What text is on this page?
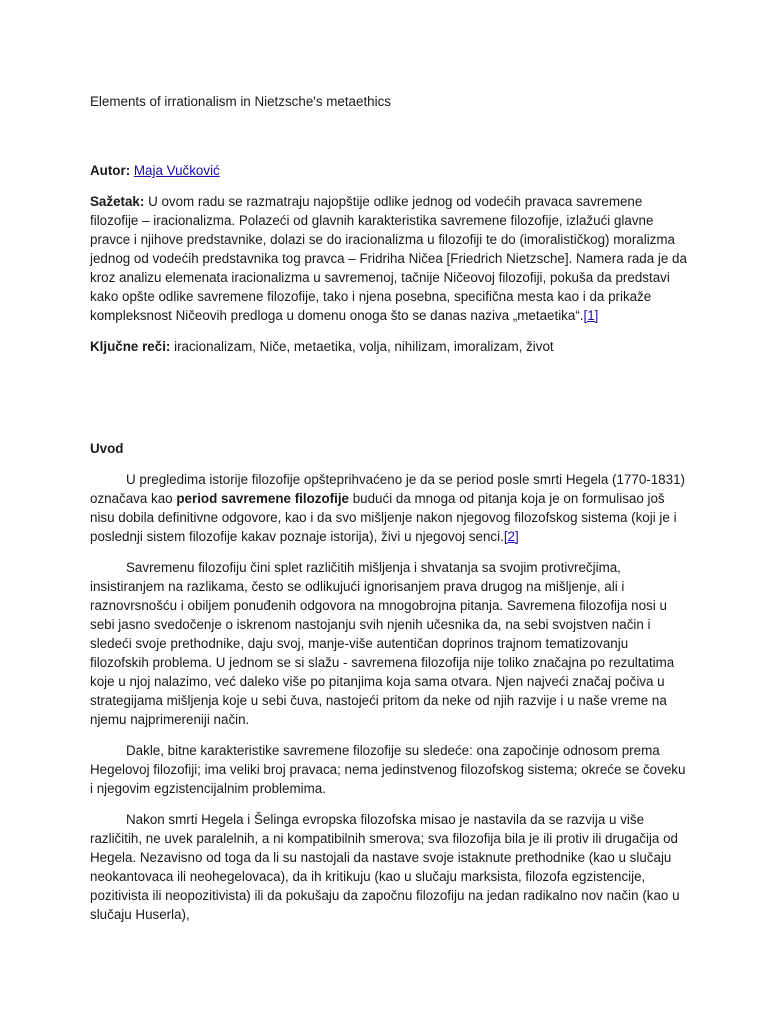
Elements of irrationalism in Nietzsche's metaethics

Autor: Maja Vučković

Sažetak: U ovom radu se razmatraju najopštije odlike jednog od vodećih pravaca savremene filozofije – iracionalizma. Polazeći od glavnih karakteristika savremene filozofije, izlažući glavne pravce i njihove predstavnike, dolazi se do iracionalizma u filozofiji te do (imoralističkog) moralizma jednog od vodećih predstavnika tog pravca – Fridriha Ničea [Friedrich Nietzsche]. Namera rada je da kroz analizu elemenata iracionalizma u savremenoj, tačnije Ničeovoj filozofiji, pokuša da predstavi kako opšte odlike savremene filozofije, tako i njena posebna, specifična mesta kao i da prikaže kompleksnost Ničeovih predloga u domenu onoga što se danas naziva „metaetika“.[1]

Ključne reči: iracionalizam, Niče, metaetika, volja, nihilizam, imoralizam, život

Uvod

U pregledima istorije filozofije opšteprihvaćeno je da se period posle smrti Hegela (1770-1831) označava kao period savremene filozofije budući da mnoga od pitanja koja je on formulisao još nisu dobila definitivne odgovore, kao i da svo mišljenje nakon njegovog filozofskog sistema (koji je i poslednji sistem filozofije kakav poznaje istorija), živi u njegovoj senci.[2]

Savremenu filozofiju čini splet različitih mišljenja i shvatanja sa svojim protivrečjima, insistiranjem na razlikama, često se odlikujući ignorisanjem prava drugog na mišljenje, ali i raznovrsnošću i obiljem ponuđenih odgovora na mnogobrojna pitanja. Savremena filozofija nosi u sebi jasno svedočenje o iskrenom nastojanju svih njenih učesnika da, na sebi svojstven način i sledeći svoje prethodnike, daju svoj, manje-više autentičan doprinos trajnom tematizovanju filozofskih problema. U jednom se si slažu - savremena filozofija nije toliko značajna po rezultatima koje u njoj nalazimo, već daleko više po pitanjima koja sama otvara. Njen najveći značaj počiva u strategijama mišljenja koje u sebi čuva, nastojeći pritom da neke od njih razvije i u naše vreme na njemu najprimereniji način.

Dakle, bitne karakteristike savremene filozofije su sledeće: ona započinje odnosom prema Hegelovoj filozofiji; ima veliki broj pravaca; nema jedinstvenog filozofskog sistema; okreće se čoveku i njegovim egzistencijalnim problemima.

Nakon smrti Hegela i Šelinga evropska filozofska misao je nastavila da se razvija u više različitih, ne uvek paralelnih, a ni kompatibilnih smerova; sva filozofija bila je ili protiv ili drugačija od Hegela. Nezavisno od toga da li su nastojali da nastave svoje istaknute prethodnike (kao u slučaju neokantovaca ili neohegelovaca), da ih kritikuju (kao u slučaju marksista, filozofa egzistencije, pozitivista ili neopozitivista) ili da pokušaju da započnu filozofiju na jedan radikalno nov način (kao u slučaju Huserla),
